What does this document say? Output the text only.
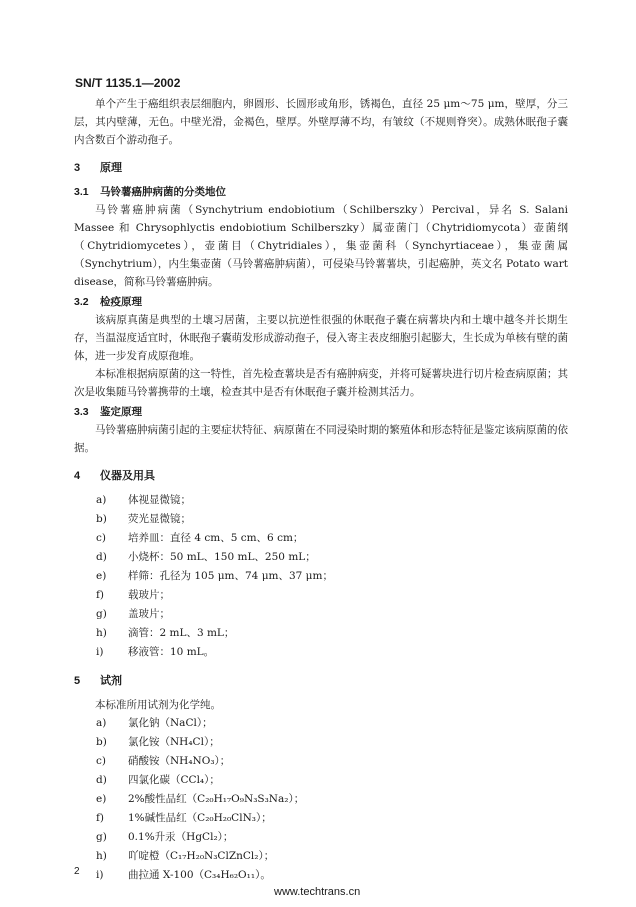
SN/T 1135.1—2002

单个产生于癌组织表层细胞内，卵圆形、长圆形或角形，锈褐色，直径 25 μm～75 μm，壁厚，分三层，其内壁薄，无色。中壁光滑，金褐色，壁厚。外壁厚薄不均，有皱纹（不规则脊突）。成熟休眠孢子囊内含数百个游动孢子。

3 原理
3.1 马铃薯癌肿病菌的分类地位

马铃薯癌肿病菌（Synchytrium endobiotium（Schilberszky）Percival，异名 S. Salani Massee 和 Chrysophlyctis endobiotium Schilberszky）属壶菌门（Chytridiomycota）壶菌纲（Chytridiomycetes），壶菌目（Chytridiales），集壶菌科（Synchyrtiaceae），集壶菌属（Synchytrium），内生集壶菌（马铃薯癌肿病菌），可侵染马铃薯薯块，引起癌肿，英文名 Potato wart disease，简称马铃薯癌肿病。

3.2 检疫原理

该病原真菌是典型的土壤习居菌，主要以抗逆性很强的休眠孢子囊在病薯块内和土壤中越冬并长期生存，当温湿度适宜时，休眠孢子囊萌发形成游动孢子，侵入寄主表皮细胞引起膨大，生长成为单核有壁的菌体，进一步发育成原孢堆。

本标准根据病原菌的这一特性，首先检查薯块是否有癌肿病变，并将可疑薯块进行切片检查病原菌；其次是收集随马铃薯携带的土壤，检查其中是否有休眠孢子囊并检测其活力。

3.3 鉴定原理

马铃薯癌肿病菌引起的主要症状特征、病原菌在不同浸染时期的繁殖体和形态特征是鉴定该病原菌的依据。

4 仪器及用具
a) 体视显微镜；
b) 荧光显微镜；
c) 培养皿：直径 4 cm、5 cm、6 cm；
d) 小烧杯：50 mL、150 mL、250 mL；
e) 样筛：孔径为 105 μm、74 μm、37 μm；
f) 载玻片；
g) 盖玻片；
h) 滴管：2 mL、3 mL；
i) 移液管：10 mL。
5 试剂

本标准所用试剂为化学纯。

a) 氯化钠（NaCl）；
b) 氯化铵（NH₄Cl）；
c) 硝酸铵（NH₄NO₃）；
d) 四氯化碳（CCl₄）；
e) 2%酸性品红（C₂₀H₁₇O₉N₃S₃Na₂）；
f) 1%碱性品红（C₂₀H₂₀ClN₃）；
g) 0.1%升汞（HgCl₂）；
h) 吖啶橙（C₁₇H₂₀N₃ClZnCl₂）；
i) 曲拉通 X-100（C₃₄H₆₂O₁₁）。
2
www.techtrans.cn
